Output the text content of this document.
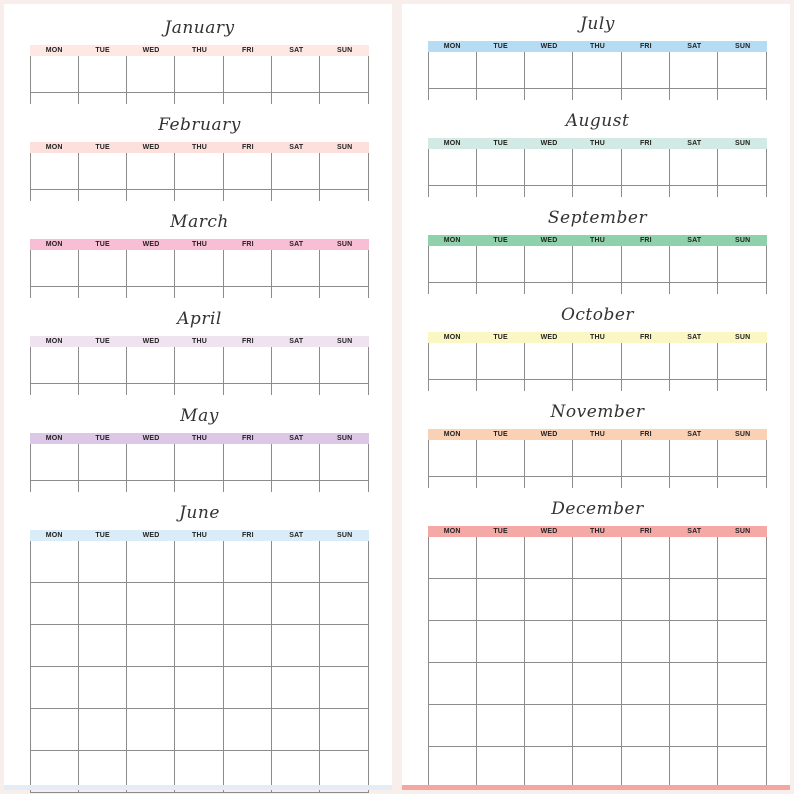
January
MON	TUE	WED	THU	FRI	SAT	SUN
February
MON	TUE	WED	THU	FRI	SAT	SUN
March
MON	TUE	WED	THU	FRI	SAT	SUN
April
MON	TUE	WED	THU	FRI	SAT	SUN
May
MON	TUE	WED	THU	FRI	SAT	SUN
June
MON	TUE	WED	THU	FRI	SAT	SUN
July
MON	TUE	WED	THU	FRI	SAT	SUN
August
MON	TUE	WED	THU	FRI	SAT	SUN
September
MON	TUE	WED	THU	FRI	SAT	SUN
October
MON	TUE	WED	THU	FRI	SAT	SUN
November
MON	TUE	WED	THU	FRI	SAT	SUN
December
MON	TUE	WED	THU	FRI	SAT	SUN
